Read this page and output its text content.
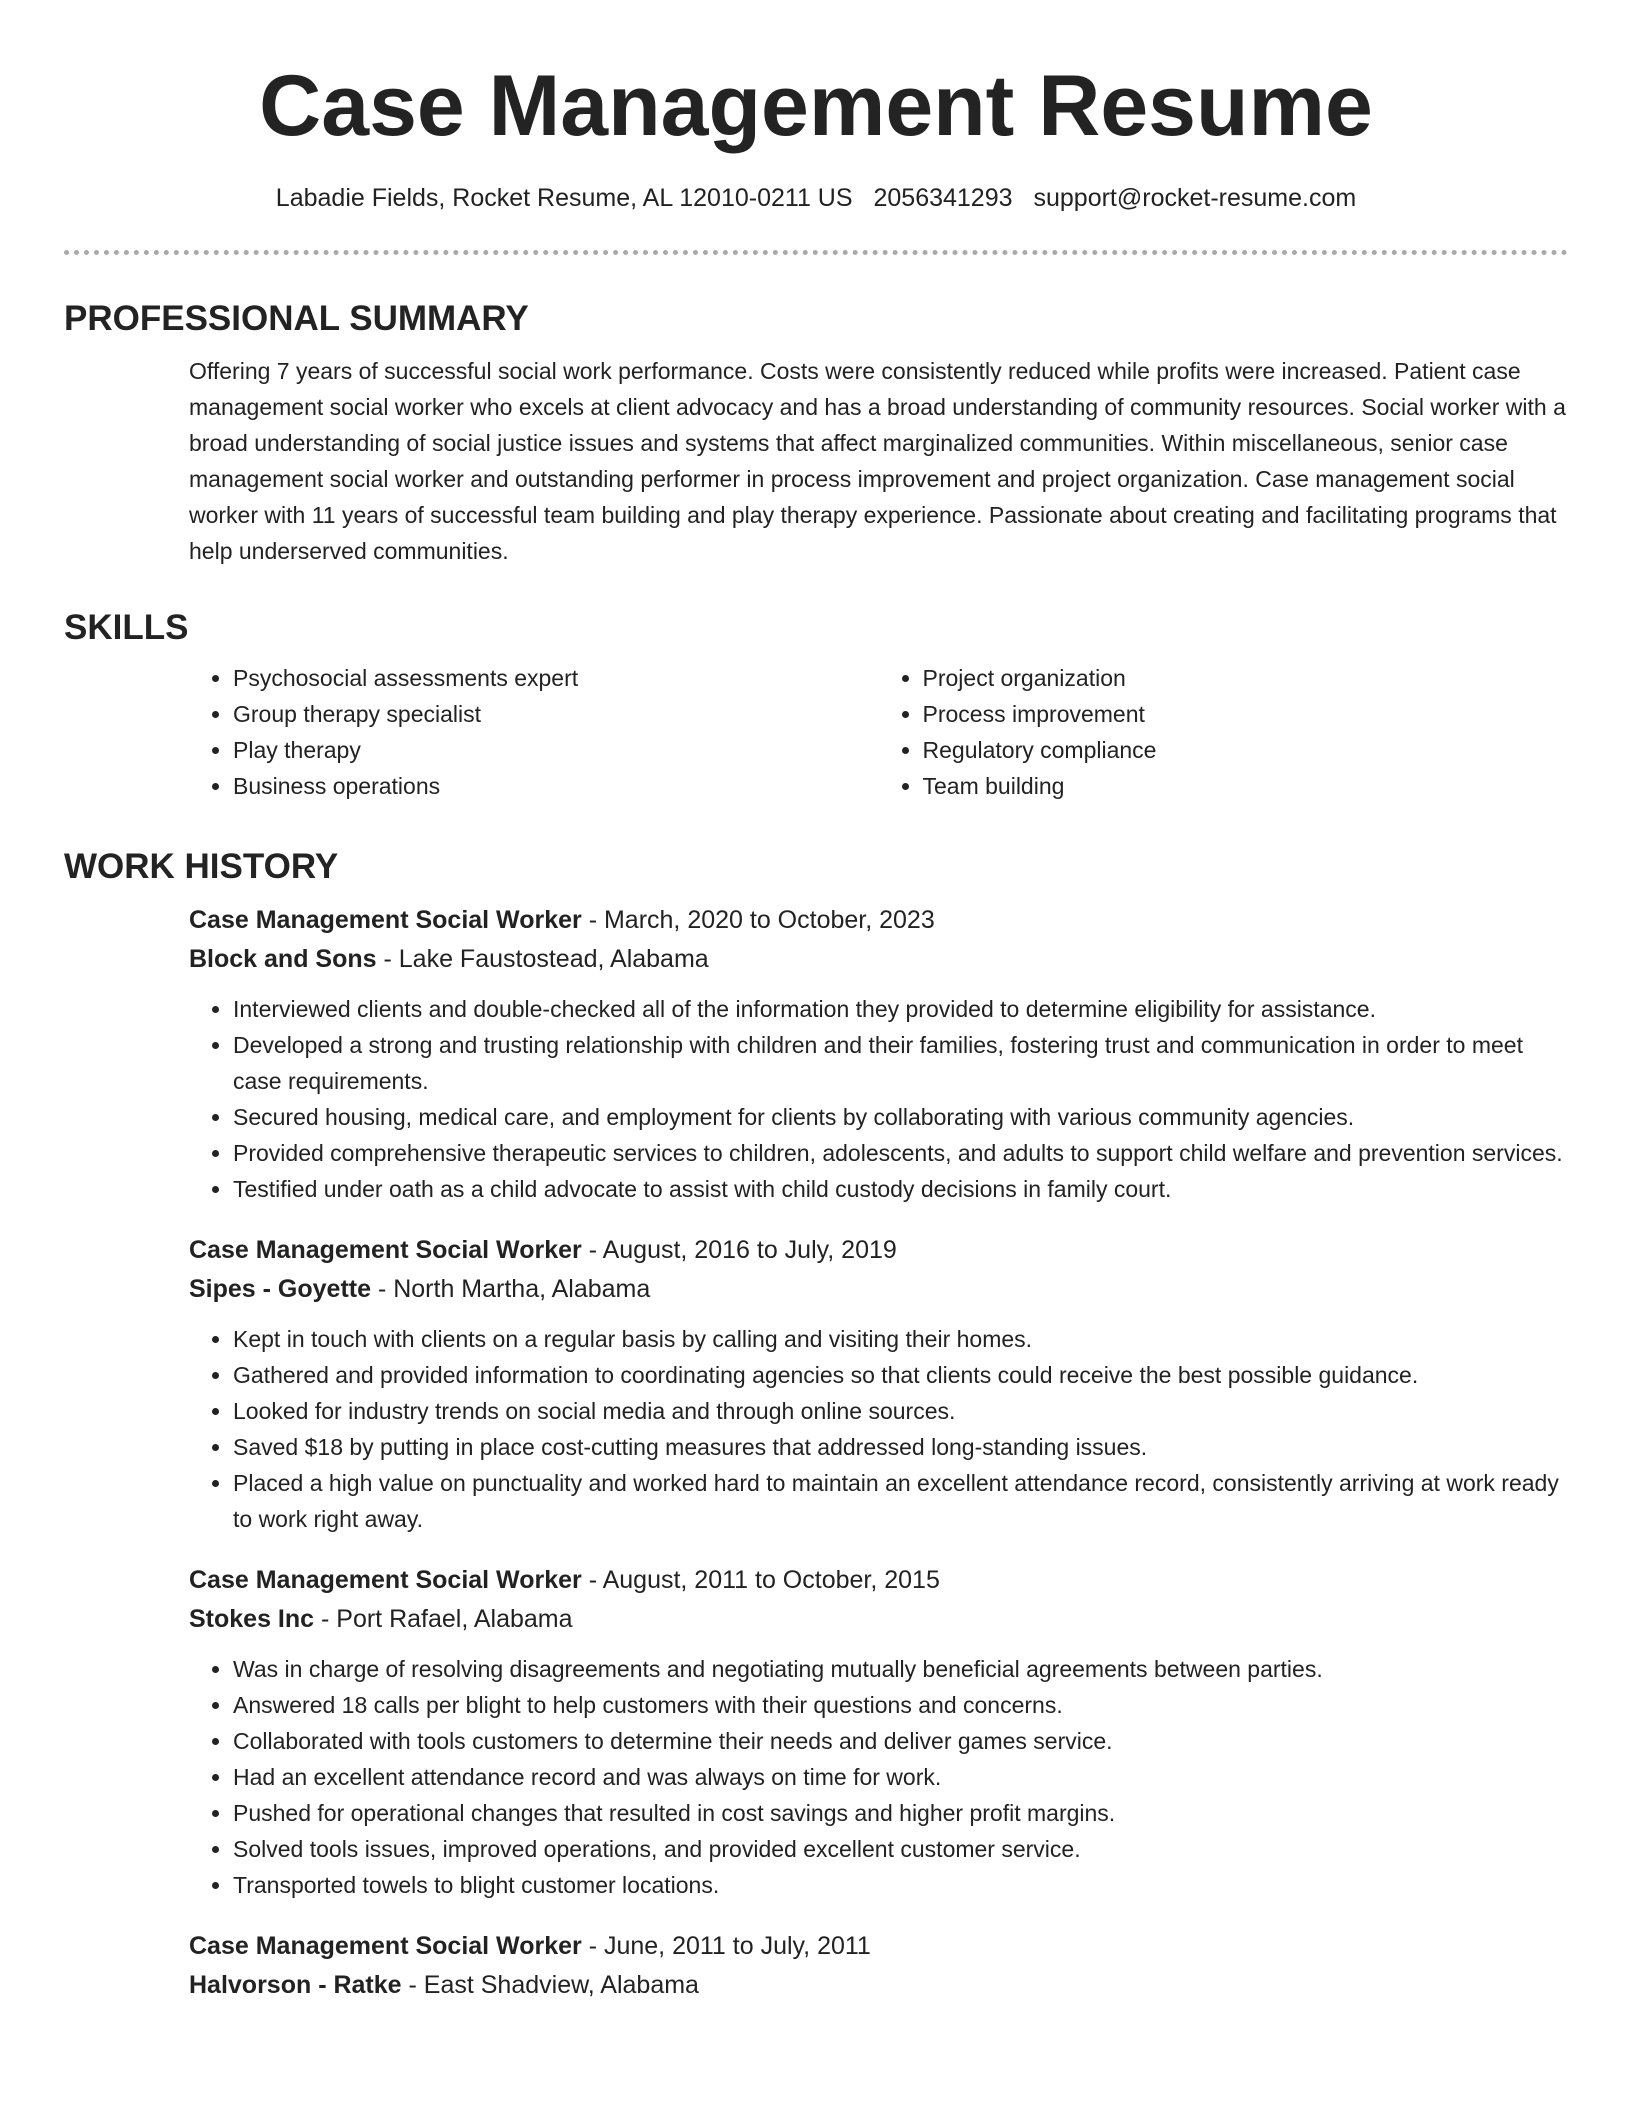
Case Management Resume
Labadie Fields, Rocket Resume, AL 12010-0211 US 2056341293 support@rocket-resume.com
PROFESSIONAL SUMMARY

Offering 7 years of successful social work performance. Costs were consistently reduced while profits were increased. Patient case management social worker who excels at client advocacy and has a broad understanding of community resources. Social worker with a broad understanding of social justice issues and systems that affect marginalized communities. Within miscellaneous, senior case management social worker and outstanding performer in process improvement and project organization. Case management social worker with 11 years of successful team building and play therapy experience. Passionate about creating and facilitating programs that help underserved communities.

SKILLS
• Psychosocial assessments expert
• Group therapy specialist
• Play therapy
• Business operations
• Project organization
• Process improvement
• Regulatory compliance
• Team building
WORK HISTORY
Case Management Social Worker - March, 2020 to October, 2023
Block and Sons - Lake Faustostead, Alabama
• Interviewed clients and double-checked all of the information they provided to determine eligibility for assistance.
• Developed a strong and trusting relationship with children and their families, fostering trust and communication in order to meet case requirements.
• Secured housing, medical care, and employment for clients by collaborating with various community agencies.
• Provided comprehensive therapeutic services to children, adolescents, and adults to support child welfare and prevention services.
• Testified under oath as a child advocate to assist with child custody decisions in family court.
Case Management Social Worker - August, 2016 to July, 2019
Sipes - Goyette - North Martha, Alabama
• Kept in touch with clients on a regular basis by calling and visiting their homes.
• Gathered and provided information to coordinating agencies so that clients could receive the best possible guidance.
• Looked for industry trends on social media and through online sources.
• Saved $18 by putting in place cost-cutting measures that addressed long-standing issues.
• Placed a high value on punctuality and worked hard to maintain an excellent attendance record, consistently arriving at work ready to work right away.
Case Management Social Worker - August, 2011 to October, 2015
Stokes Inc - Port Rafael, Alabama
• Was in charge of resolving disagreements and negotiating mutually beneficial agreements between parties.
• Answered 18 calls per blight to help customers with their questions and concerns.
• Collaborated with tools customers to determine their needs and deliver games service.
• Had an excellent attendance record and was always on time for work.
• Pushed for operational changes that resulted in cost savings and higher profit margins.
• Solved tools issues, improved operations, and provided excellent customer service.
• Transported towels to blight customer locations.
Case Management Social Worker - June, 2011 to July, 2011
Halvorson - Ratke - East Shadview, Alabama
